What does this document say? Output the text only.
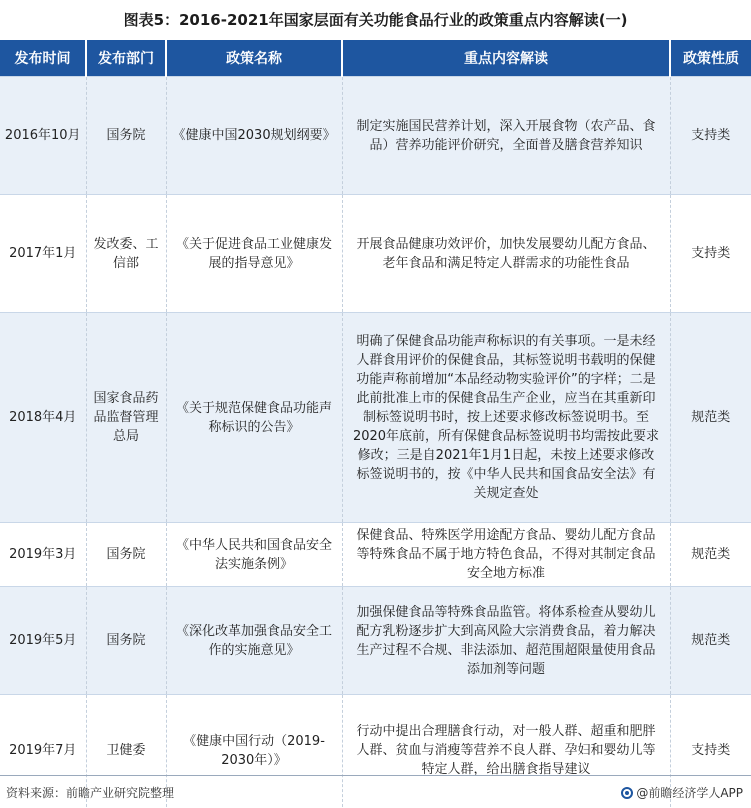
图表5：2016-2021年国家层面有关功能食品行业的政策重点内容解读(一)
发布时间	发布部门	政策名称	重点内容解读	政策性质
2016年10月	国务院	《健康中国2030规划纲要》	制定实施国民营养计划，深入开展食物（农产品、食品）营养功能评价研究，全面普及膳食营养知识	支持类
2017年1月	发改委、工信部	《关于促进食品工业健康发展的指导意见》	开展食品健康功效评价，加快发展婴幼儿配方食品、老年食品和满足特定人群需求的功能性食品	支持类
2018年4月	国家食品药品监督管理总局	《关于规范保健食品功能声称标识的公告》	明确了保健食品功能声称标识的有关事项。一是未经人群食用评价的保健食品，其标签说明书载明的保健功能声称前增加“本品经动物实验评价”的字样；二是此前批准上市的保健食品生产企业，应当在其重新印制标签说明书时，按上述要求修改标签说明书。至2020年底前，所有保健食品标签说明书均需按此要求修改；三是自2021年1月1日起，未按上述要求修改标签说明书的，按《中华人民共和国食品安全法》有关规定查处	规范类
2019年3月	国务院	《中华人民共和国食品安全法实施条例》	保健食品、特殊医学用途配方食品、婴幼儿配方食品等特殊食品不属于地方特色食品，不得对其制定食品安全地方标准	规范类
2019年5月	国务院	《深化改革加强食品安全工作的实施意见》	加强保健食品等特殊食品监管。将体系检查从婴幼儿配方乳粉逐步扩大到高风险大宗消费食品，着力解决生产过程不合规、非法添加、超范围超限量使用食品添加剂等问题	规范类
2019年7月	卫健委	《健康中国行动（2019-2030年）》	行动中提出合理膳食行动，对一般人群、超重和肥胖人群、贫血与消瘦等营养不良人群、孕妇和婴幼儿等特定人群，给出膳食指导建议	支持类
资料来源：前瞻产业研究院整理	@前瞻经济学人APP
